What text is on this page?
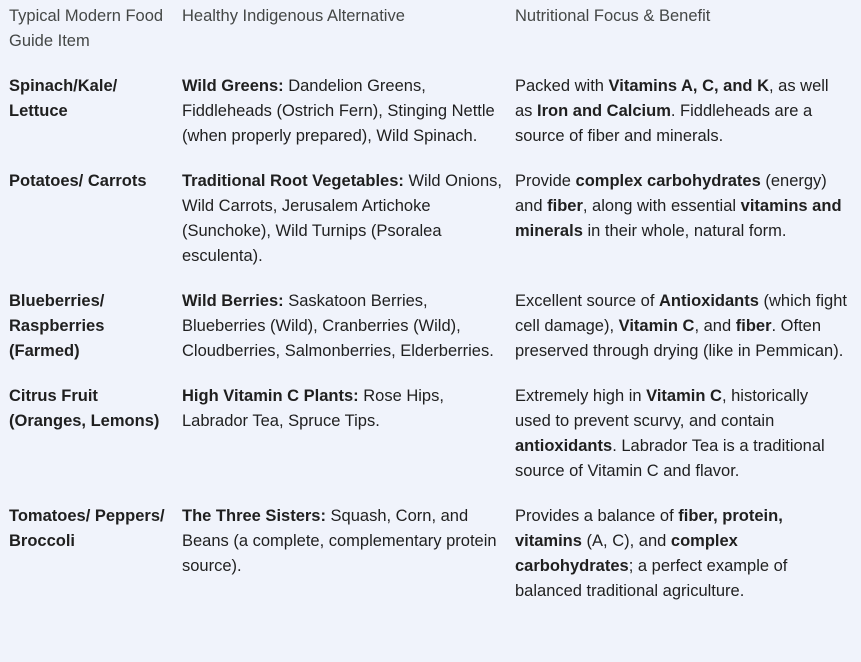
Typical Modern Food Guide Item
Healthy Indigenous Alternative	Nutritional Focus & Benefit
Spinach/Kale/ Lettuce
Wild Greens: Dandelion Greens, Fiddleheads (Ostrich Fern), Stinging Nettle (when properly prepared), Wild Spinach.
Packed with Vitamins A, C, and K, as well as Iron and Calcium. Fiddleheads are a source of fiber and minerals.
Potatoes/ Carrots	Traditional Root Vegetables: Wild Onions, Wild Carrots, Jerusalem Artichoke (Sunchoke), Wild Turnips (Psoralea esculenta).
Provide complex carbohydrates (energy) and fiber, along with essential vitamins and minerals in their whole, natural form.
Blueberries/ Raspberries (Farmed)
Wild Berries: Saskatoon Berries, Blueberries (Wild), Cranberries (Wild), Cloudberries, Salmonberries, Elderberries.
Excellent source of Antioxidants (which fight cell damage), Vitamin C, and fiber. Often preserved through drying (like in Pemmican).
Citrus Fruit (Oranges, Lemons)
High Vitamin C Plants: Rose Hips, Labrador Tea, Spruce Tips.
Extremely high in Vitamin C, historically used to prevent scurvy, and contain antioxidants. Labrador Tea is a traditional source of Vitamin C and flavor.
Tomatoes/ Peppers/ Broccoli
The Three Sisters: Squash, Corn, and Beans (a complete, complementary protein source).
Provides a balance of fiber, protein, vitamins (A, C), and complex carbohydrates; a perfect example of balanced traditional agriculture.
